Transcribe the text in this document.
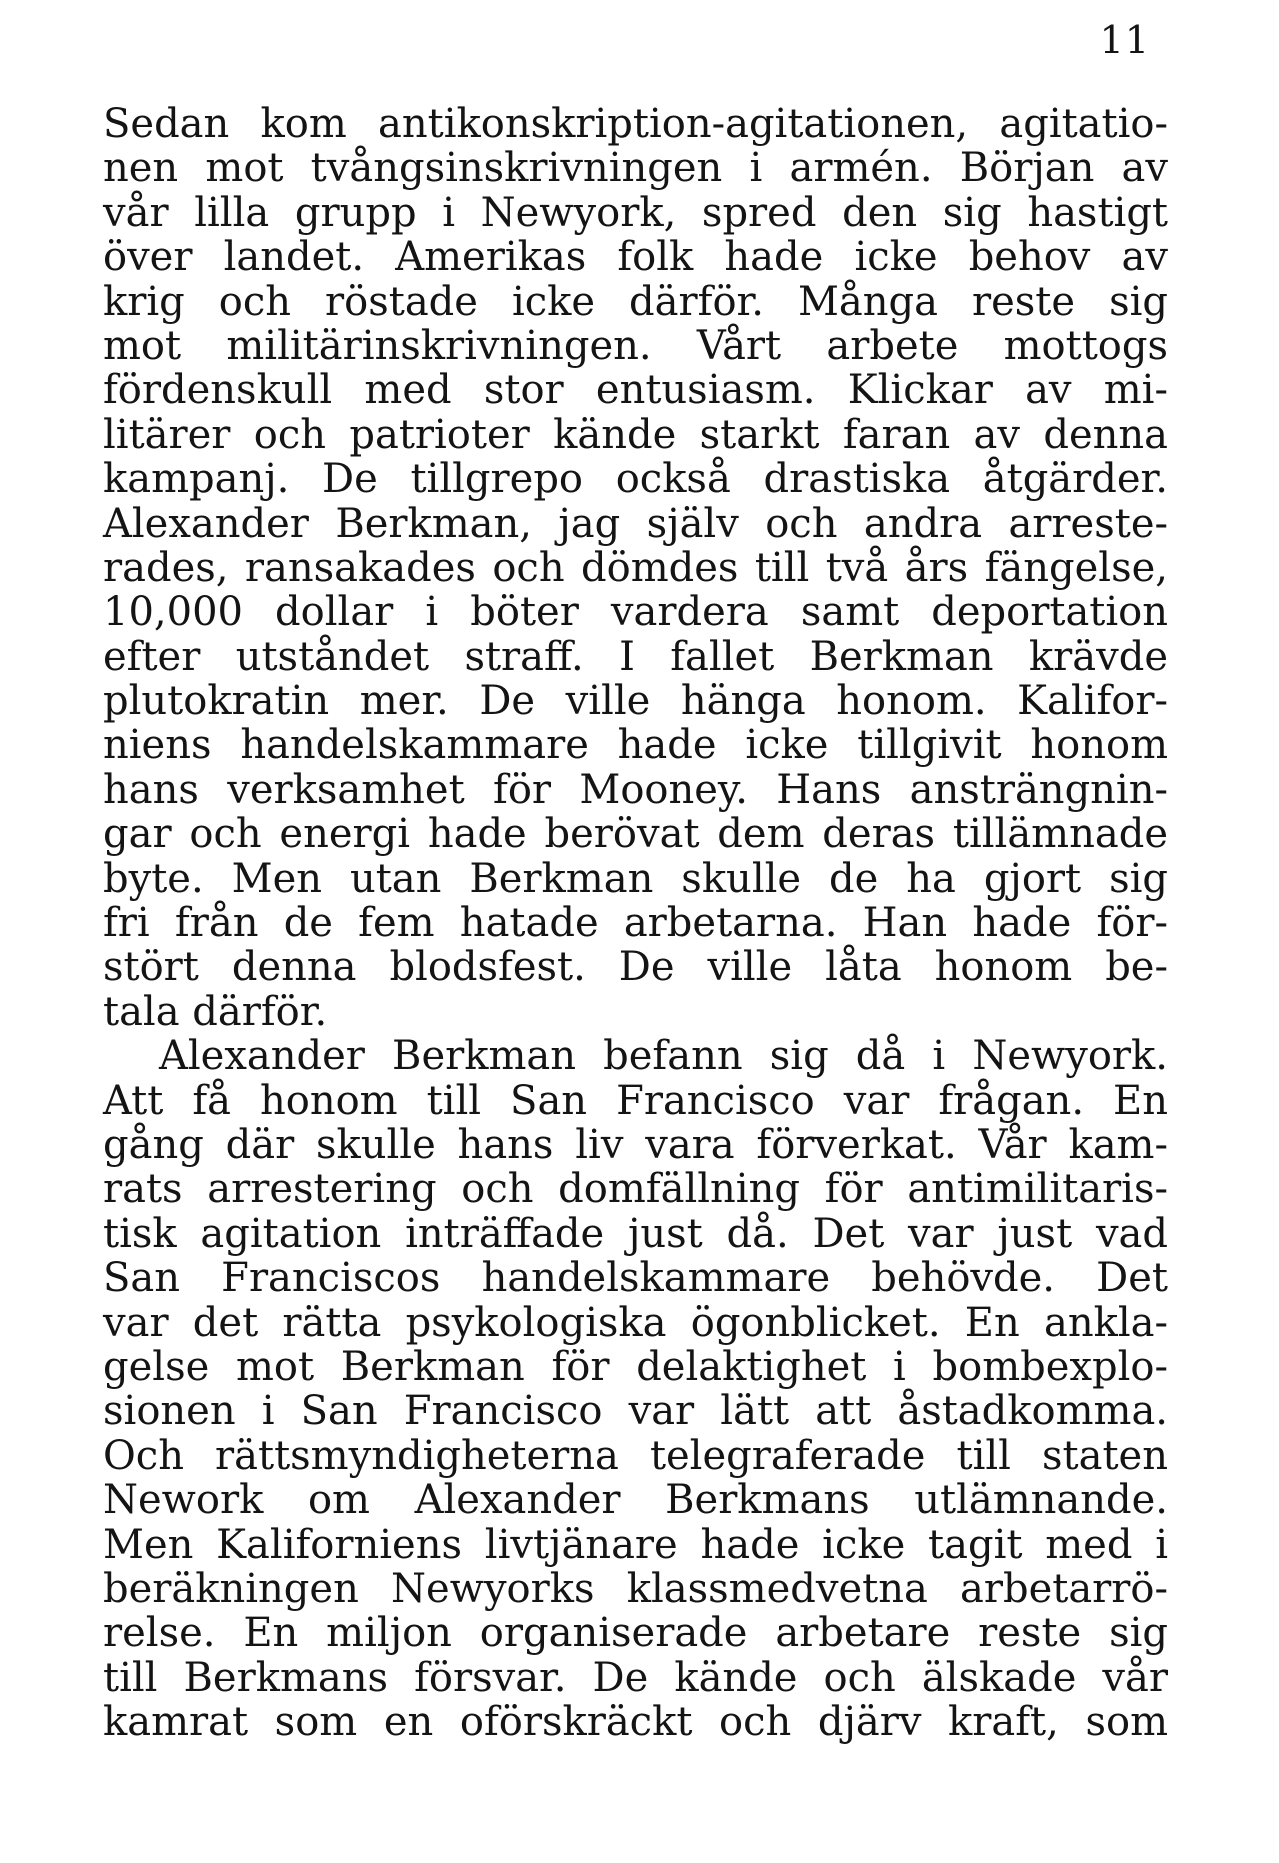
11
Sedan kom antikonskription-agitationen, agitatio-
nen mot tvångsinskrivningen i armén. Början av
vår lilla grupp i Newyork, spred den sig hastigt
över landet. Amerikas folk hade icke behov av
krig och röstade icke därför. Många reste sig
mot militärinskrivningen. Vårt arbete mottogs
fördenskull med stor entusiasm. Klickar av mi-
litärer och patrioter kände starkt faran av denna
kampanj. De tillgrepo också drastiska åtgärder.
Alexander Berkman, jag själv och andra arreste-
rades, ransakades och dömdes till två års fängelse,
10,000 dollar i böter vardera samt deportation
efter utståndet straff. I fallet Berkman krävde
plutokratin mer. De ville hänga honom. Kalifor-
niens handelskammare hade icke tillgivit honom
hans verksamhet för Mooney. Hans ansträngnin-
gar och energi hade berövat dem deras tillämnade
byte. Men utan Berkman skulle de ha gjort sig
fri från de fem hatade arbetarna. Han hade för-
stört denna blodsfest. De ville låta honom be-
tala därför.
Alexander Berkman befann sig då i Newyork.
Att få honom till San Francisco var frågan. En
gång där skulle hans liv vara förverkat. Vår kam-
rats arrestering och domfällning för antimilitaris-
tisk agitation inträffade just då. Det var just vad
San Franciscos handelskammare behövde. Det
var det rätta psykologiska ögonblicket. En ankla-
gelse mot Berkman för delaktighet i bombexplo-
sionen i San Francisco var lätt att åstadkomma.
Och rättsmyndigheterna telegraferade till staten
Nework om Alexander Berkmans utlämnande.
Men Kaliforniens livtjänare hade icke tagit med i
beräkningen Newyorks klassmedvetna arbetarrö-
relse. En miljon organiserade arbetare reste sig
till Berkmans försvar. De kände och älskade vår
kamrat som en oförskräckt och djärv kraft, som
